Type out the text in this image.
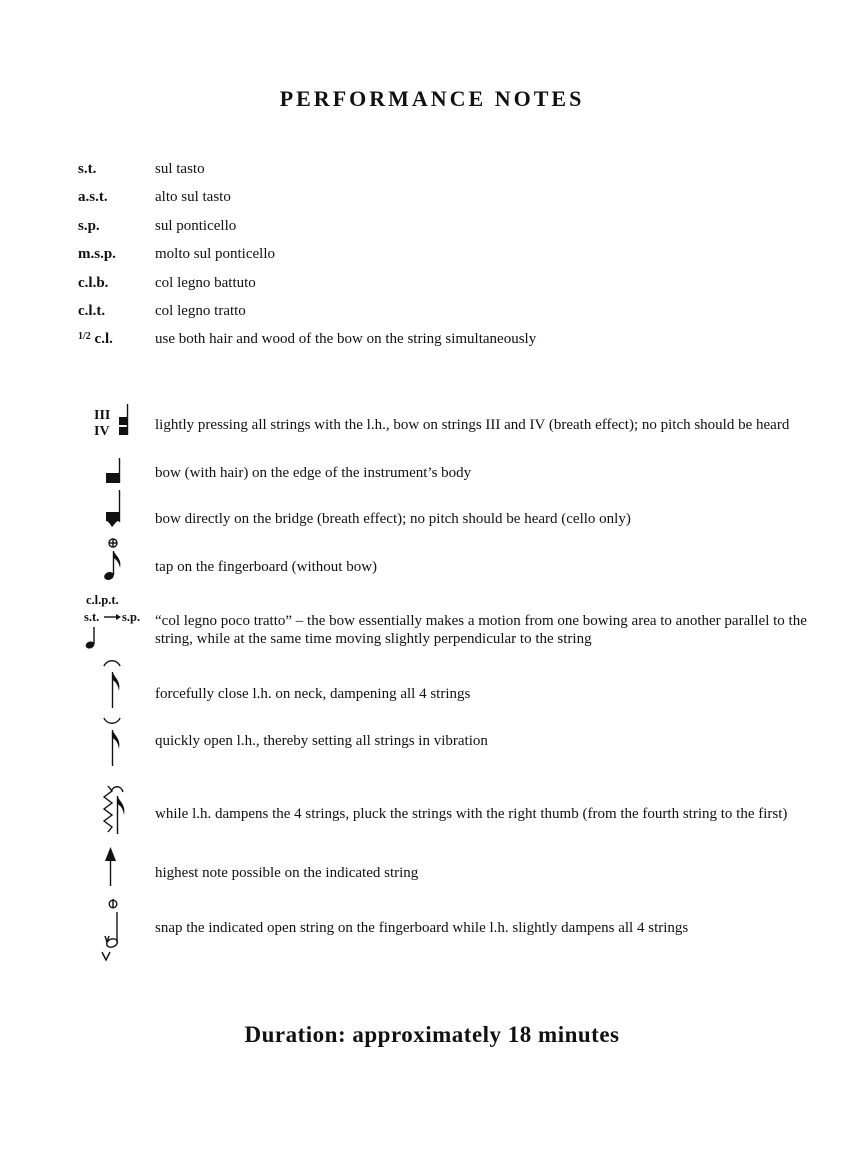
PERFORMANCE NOTES
s.t.	sul tasto
a.s.t.	alto sul tasto
s.p.	sul ponticello
m.s.p.	molto sul ponticello
c.l.b.	col legno battuto
c.l.t.	col legno tratto
$^{1/2}$ c.l.	use both hair and wood of the bow on the string simultaneously
III
IV	lightly pressing all strings with the l.h., bow on strings III and IV (breath effect); no pitch should be heard
bow (with hair) on the edge of the instrument’s body
bow directly on the bridge (breath effect); no pitch should be heard (cello only)
tap on the fingerboard (without bow)
c.l.p.t.
s.t. s.p. “col legno poco tratto” – the bow essentially makes a motion from one bowing area to another parallel to the string, while at the same time moving slightly perpendicular to the string
forcefully close l.h. on neck, dampening all 4 strings
quickly open l.h., thereby setting all strings in vibration
while l.h. dampens the 4 strings, pluck the strings with the right thumb (from the fourth string to the first)
highest note possible on the indicated string
snap the indicated open string on the fingerboard while l.h. slightly dampens all 4 strings
Duration: approximately 18 minutes
